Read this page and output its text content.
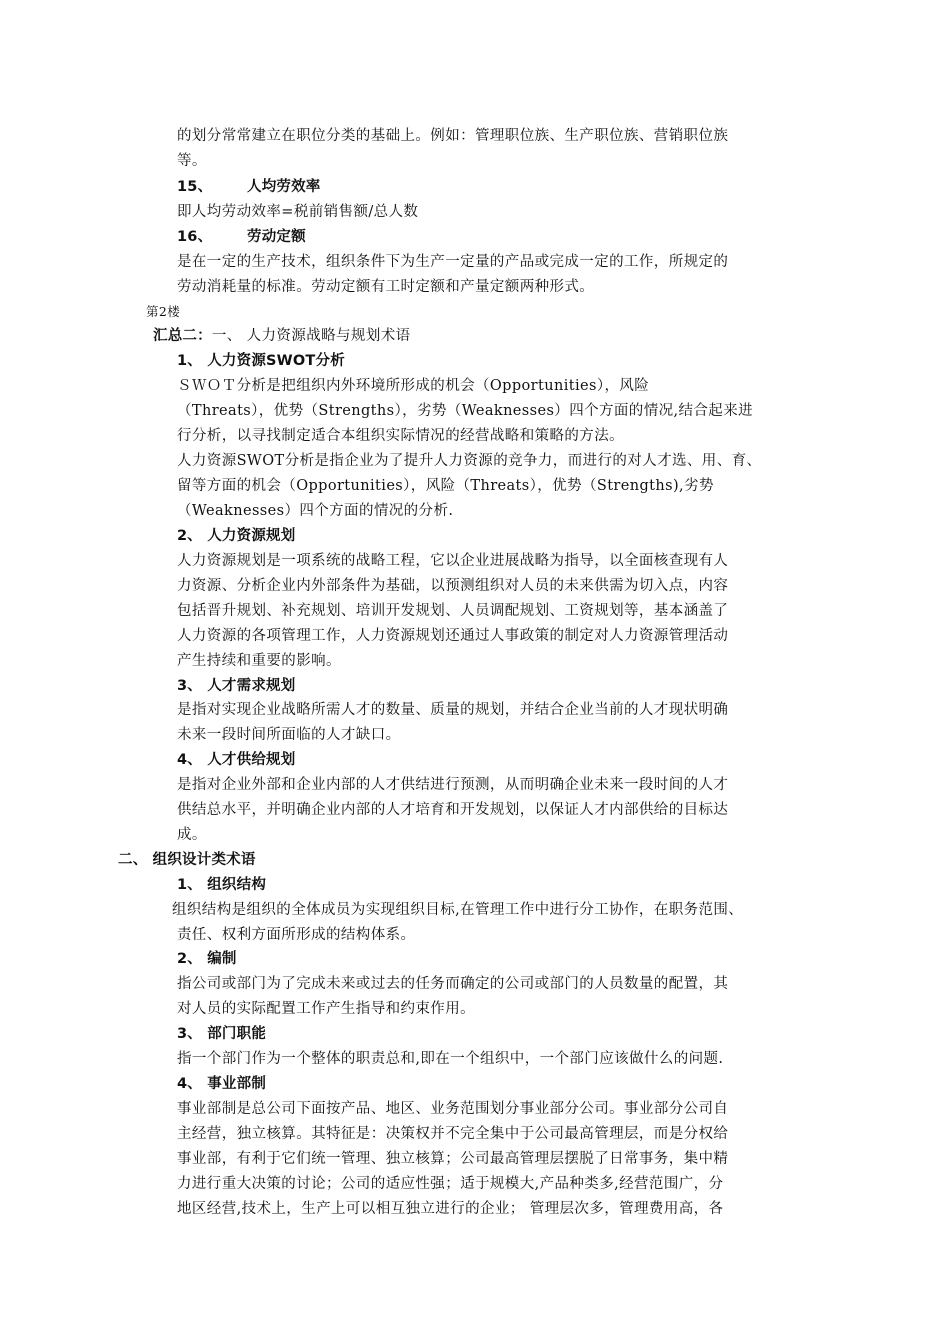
的划分常常建立在职位分类的基础上。例如：管理职位族、生产职位族、营销职位族
等。
15、 人均劳效率
即人均劳动效率=税前销售额/总人数
16、 劳动定额
是在一定的生产技术，组织条件下为生产一定量的产品或完成一定的工作，所规定的
劳动消耗量的标准。劳动定额有工时定额和产量定额两种形式。
第2楼
汇总二：一、 人力资源战略与规划术语
1、 人力资源SWOT分析
ＳＷＯＴ分析是把组织内外环境所形成的机会（Opportunities），风险
（Threats），优势（Strengths），劣势（Weaknesses）四个方面的情况,结合起来进
行分析，以寻找制定适合本组织实际情况的经营战略和策略的方法。
人力资源SWOT分析是指企业为了提升人力资源的竞争力，而进行的对人才选、用、育、
留等方面的机会（Opportunities），风险（Threats），优势（Strengths),劣势
（Weaknesses）四个方面的情况的分析.
2、 人力资源规划
人力资源规划是一项系统的战略工程，它以企业进展战略为指导，以全面核查现有人
力资源、分析企业内外部条件为基础，以预测组织对人员的未来供需为切入点，内容
包括晋升规划、补充规划、培训开发规划、人员调配规划、工资规划等，基本涵盖了
人力资源的各项管理工作，人力资源规划还通过人事政策的制定对人力资源管理活动
产生持续和重要的影响。
3、 人才需求规划
是指对实现企业战略所需人才的数量、质量的规划，并结合企业当前的人才现状明确
未来一段时间所面临的人才缺口。
4、 人才供给规划
是指对企业外部和企业内部的人才供结进行预测，从而明确企业未来一段时间的人才
供结总水平，并明确企业内部的人才培育和开发规划，以保证人才内部供给的目标达
成。
二、 组织设计类术语
1、 组织结构
组织结构是组织的全体成员为实现组织目标,在管理工作中进行分工协作，在职务范围、
责任、权利方面所形成的结构体系。
2、 编制
指公司或部门为了完成未来或过去的任务而确定的公司或部门的人员数量的配置，其
对人员的实际配置工作产生指导和约束作用。
3、 部门职能
指一个部门作为一个整体的职责总和,即在一个组织中，一个部门应该做什么的问题.
4、 事业部制
事业部制是总公司下面按产品、地区、业务范围划分事业部分公司。事业部分公司自
主经营，独立核算。其特征是：决策权并不完全集中于公司最高管理层，而是分权给
事业部，有利于它们统一管理、独立核算；公司最高管理层摆脱了日常事务，集中精
力进行重大决策的讨论；公司的适应性强；适于规模大,产品种类多,经营范围广，分
地区经营,技术上，生产上可以相互独立进行的企业； 管理层次多，管理费用高，各
